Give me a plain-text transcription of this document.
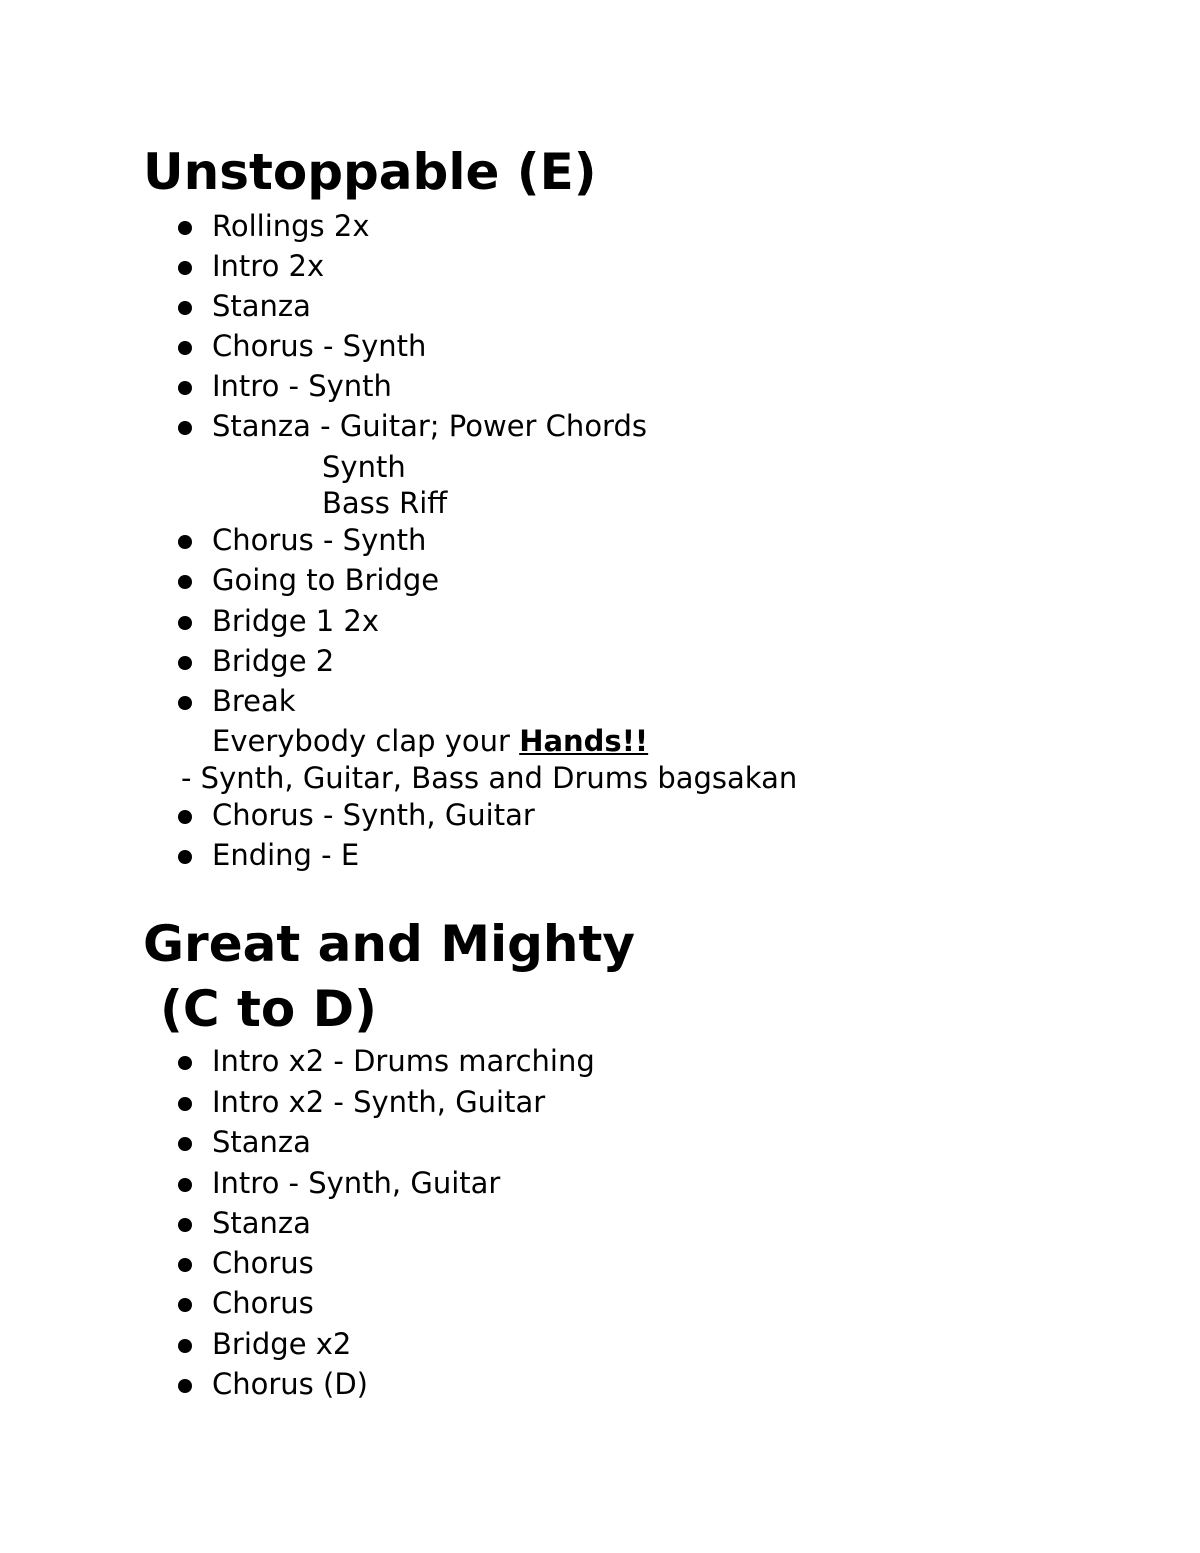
Unstoppable (E)
Rollings 2x
Intro 2x
Stanza
Chorus - Synth
Intro - Synth
Stanza - Guitar; Power Chords
Synth
Bass Riff
Chorus - Synth
Going to Bridge
Bridge 1 2x
Bridge 2
Break
Everybody clap your Hands!!
- Synth, Guitar, Bass and Drums bagsakan
Chorus - Synth, Guitar
Ending - E
Great and Mighty
(C to D)
Intro x2 - Drums marching
Intro x2 - Synth, Guitar
Stanza
Intro - Synth, Guitar
Stanza
Chorus
Chorus
Bridge x2
Chorus (D)
